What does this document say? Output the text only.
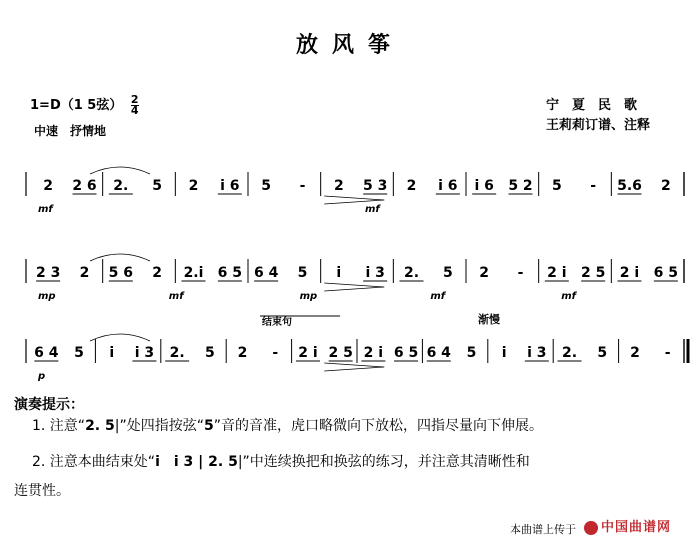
放风筝
1=D（1 5弦） $\frac{2}{4}$
中速　抒情地
宁　夏　民　歌
王莉莉订谱、注释
2 2 6 2. 5 2 i 6 5 - 2 5 3 2 i 6 i 6 5 2 5 - 5.6 2
mf	mf
2 3 2 5 6 2 2.i 6 5 6 4 5 i i 3 2. 5 2 - 2 i 2 5 2 i 6 5
mp	mf	mp	mf	mf
6 4 5 i i 3 2. 5 2 - 2 i 2 5 2 i 6 5 6 4 5 i i 3 2. 5 2 -
p
结束句	渐慢
演奏提示：
1. 注意“2. 5|”处四指按弦“5”音的音准，虎口略微向下放松，四指尽量向下伸展。
2. 注意本曲结束处“i　i 3 | 2. 5|”中连续换把和换弦的练习，并注意其清晰性和
连贯性。
本曲谱上传于	中国曲谱网
